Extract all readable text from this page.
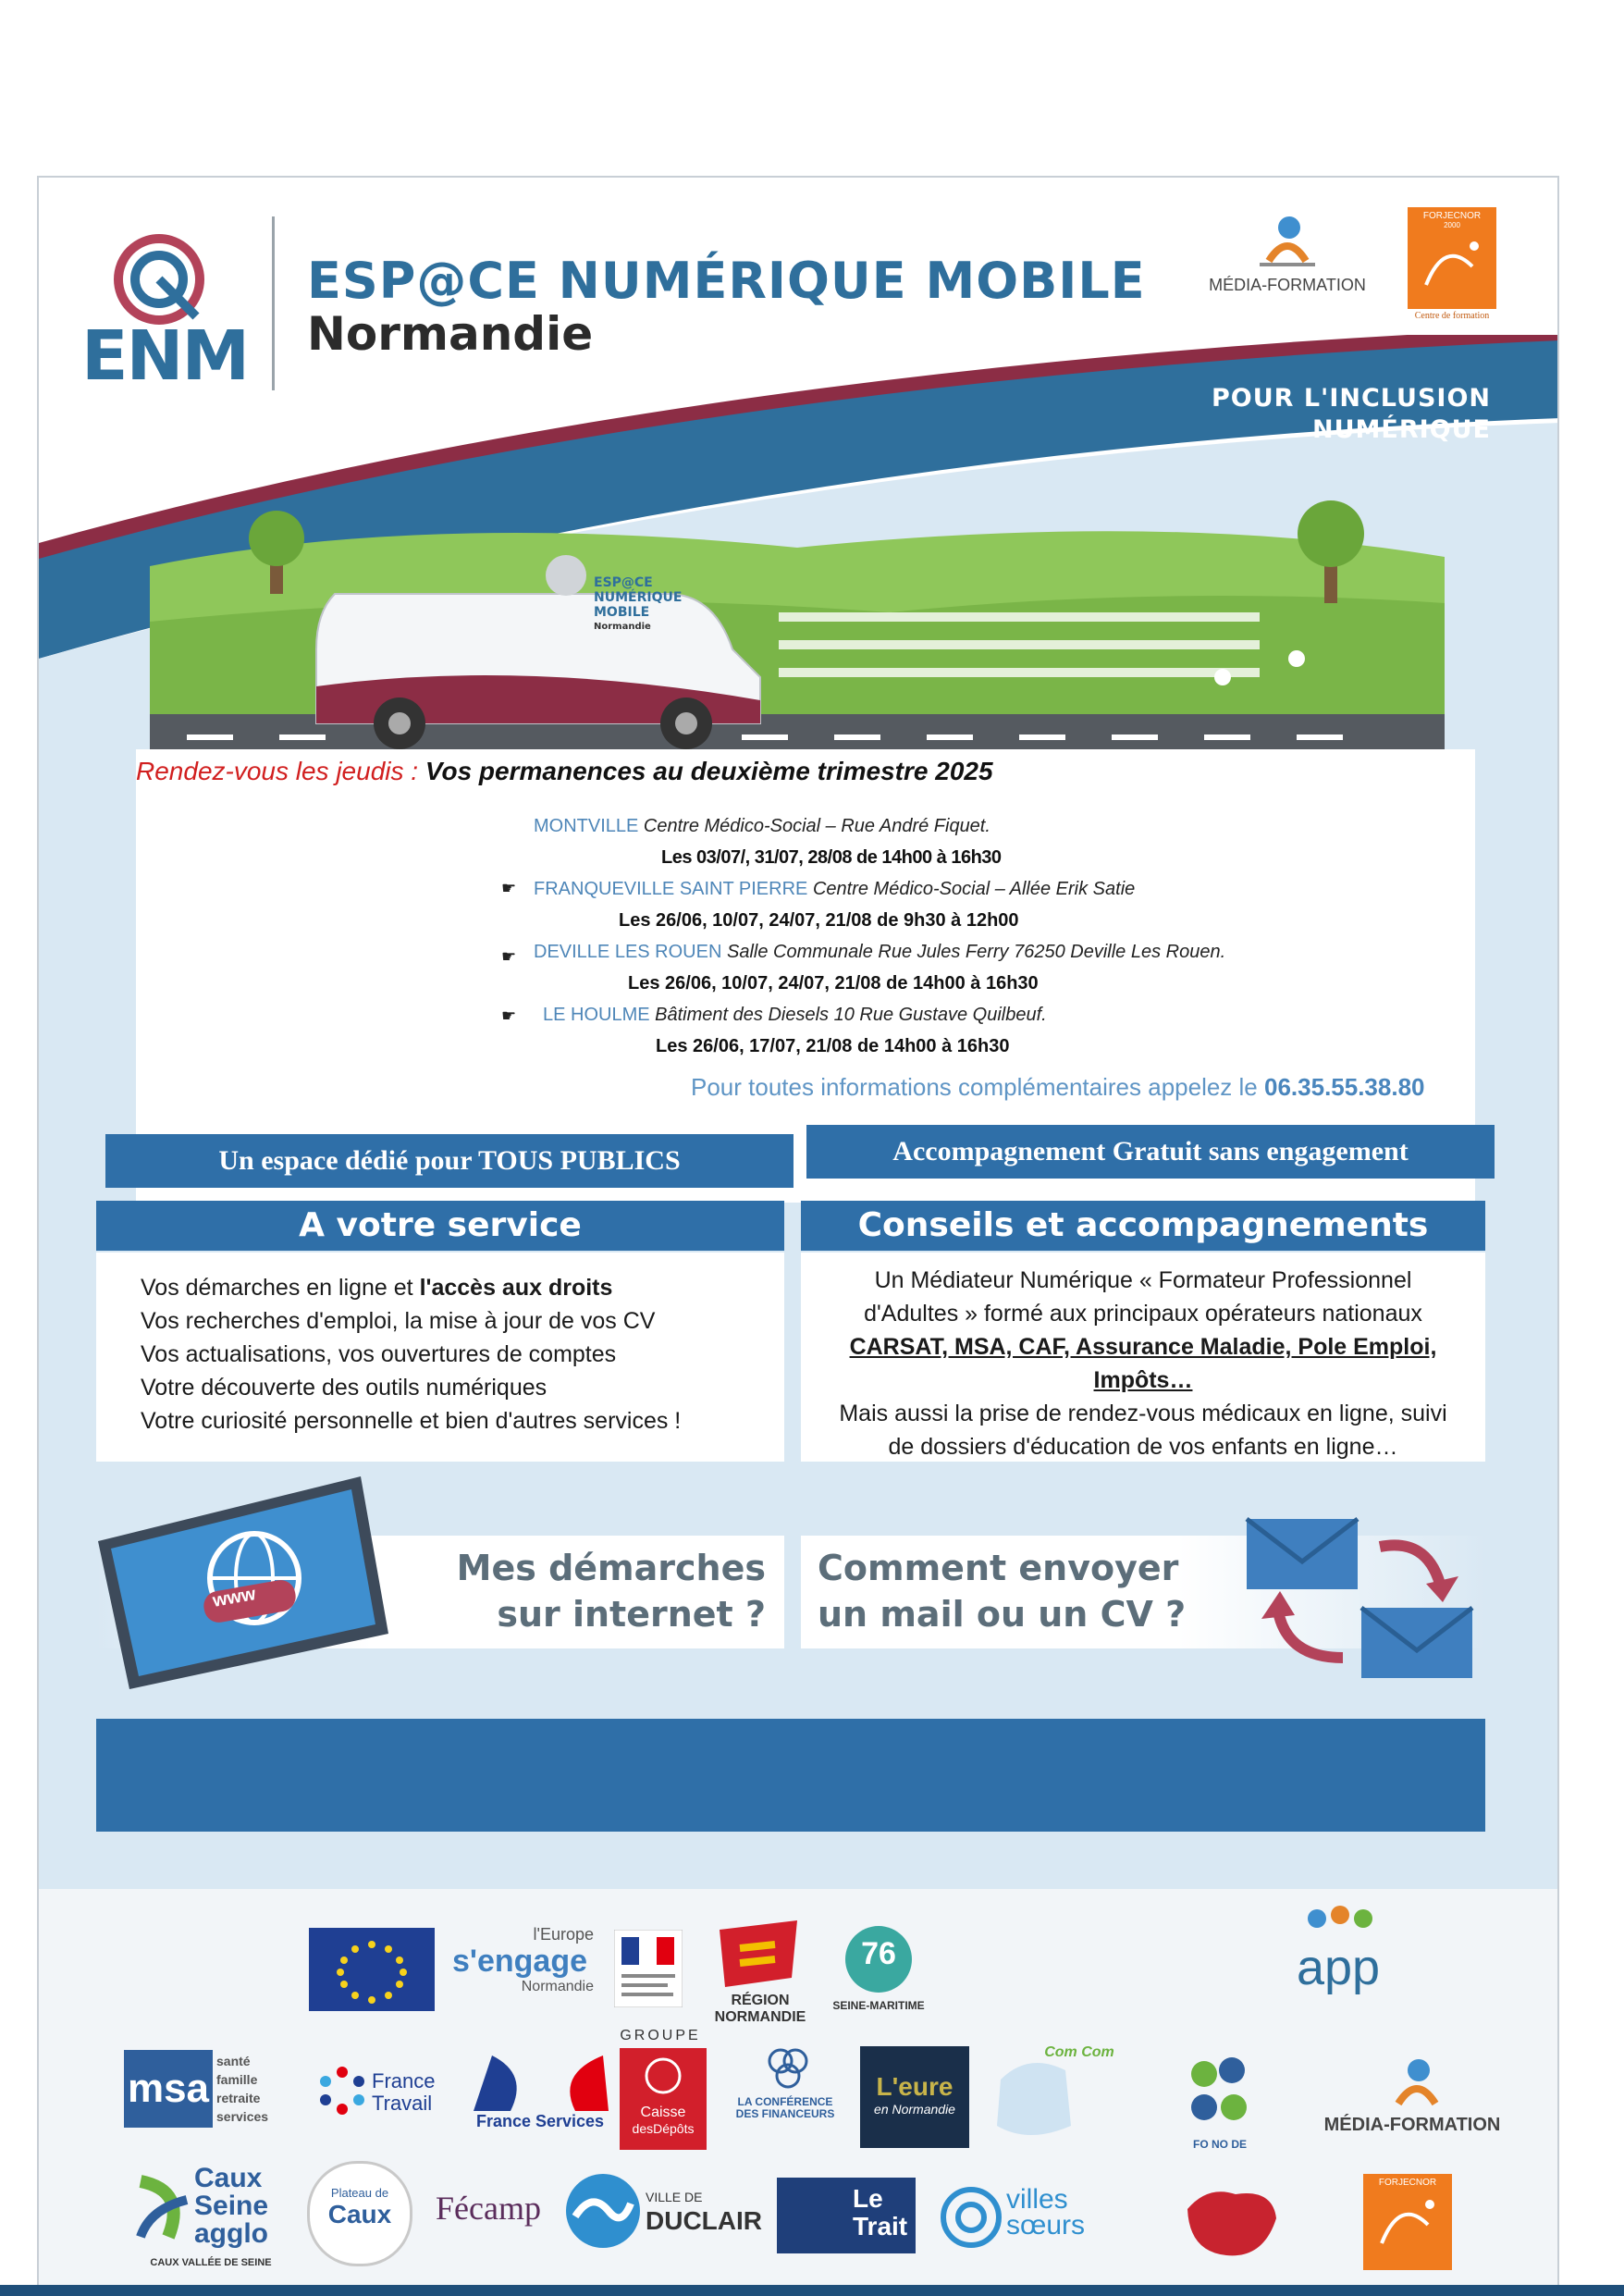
ENM
ESP@CE NUMÉRIQUE MOBILE
Normandie
MÉDIA-FORMATION
FORJECNOR
2000
Centre de formation
POUR L'INCLUSION
NUMÉRIQUE
ESP@CE
NUMÉRIQUE
MOBILE
Normandie
Rendez-vous les jeudis : Vos permanences au deuxième trimestre 2025
MONTVILLE Centre Médico-Social – Rue André Fiquet.
Les 03/07/, 31/07, 28/08 de 14h00 à 16h30
☛ FRANQUEVILLE SAINT PIERRE Centre Médico-Social – Allée Erik Satie
Les 26/06, 10/07, 24/07, 21/08 de 9h30 à 12h00
☛ DEVILLE LES ROUEN Salle Communale Rue Jules Ferry 76250 Deville Les Rouen.
Les 26/06, 10/07, 24/07, 21/08 de 14h00 à 16h30
☛ LE HOULME Bâtiment des Diesels 10 Rue Gustave Quilbeuf.
Les 26/06, 17/07, 21/08 de 14h00 à 16h30
Pour toutes informations complémentaires appelez le 06.35.55.38.80
Un espace dédié pour TOUS PUBLICS	Accompagnement Gratuit sans engagement
A votre service
Vos démarches en ligne et l'accès aux droits
Vos recherches d'emploi, la mise à jour de vos CV
Vos actualisations, vos ouvertures de comptes
Votre découverte des outils numériques
Votre curiosité personnelle et bien d'autres services !
Conseils et accompagnements
Un Médiateur Numérique « Formateur Professionnel
d'Adultes » formé aux principaux opérateurs nationaux
CARSAT, MSA, CAF, Assurance Maladie, Pole Emploi,
Impôts…
Mais aussi la prise de rendez-vous médicaux en ligne, suivi
de dossiers d'éducation de vos enfants en ligne…
Mes démarches
sur internet ?
www
Comment envoyer
un mail ou un CV ?
l'Europe
s'engage
Normandie
RÉGION NORMANDIE
76
SEINE-MARITIME
app
msa
santé
famille
retraite
services
France
Travail
France Services
GROUPE
Caisse
desDépôts
LA CONFÉRENCE
DES FINANCEURS
L'eure
en Normandie
Com Com
FO NO DE
MÉDIA-FORMATION
Caux
Seine
agglo
CAUX VALLÉE DE SEINE
Plateau de
Caux	Fécamp	VILLE DE
DUCLAIR
Le
Trait
villes
sœurs
FORJECNOR
